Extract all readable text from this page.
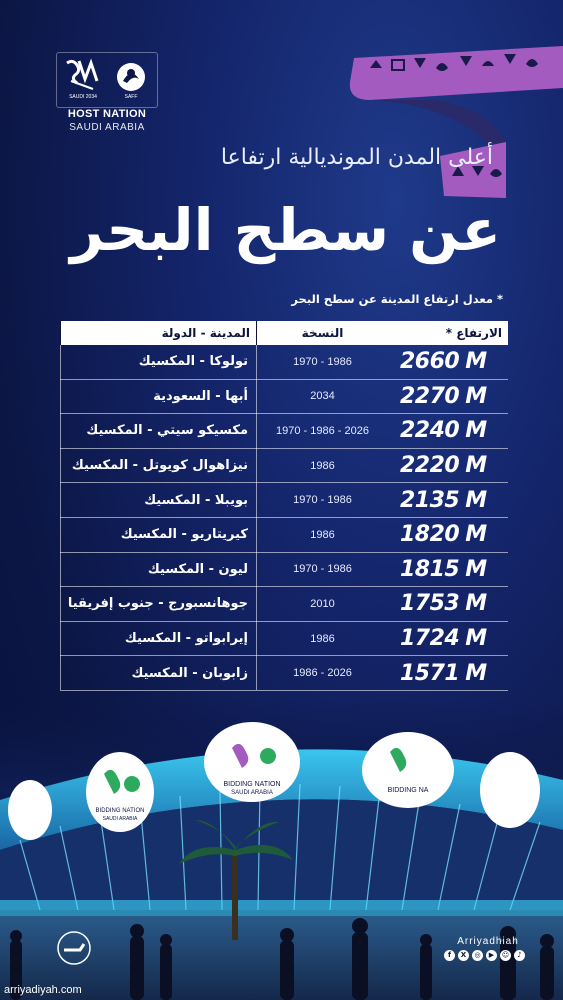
SAUDI 2034	SAFF
HOST NATION
SAUDI ARABIA
أعلى المدن المونديالية ارتفاعا
عن سطح البحر
* معدل ارتفاع المدينة عن سطح البحر
المدينة - الدولة	النسخة	الارتفاع *
تولوكا - المكسيك	1970 - 1986	2660 M
أبها - السعودية	2034	2270 M
مكسيكو سيتي - المكسيك	1970 - 1986 - 2026	2240 M
نيزاهوال كويوتل - المكسيك	1986	2220 M
بويبلا - المكسيك	1970 - 1986	2135 M
كيريتاريو - المكسيك	1986	1820 M
ليون - المكسيك	1970 - 1986	1815 M
جوهانسبورج - جنوب إفريقيا	2010	1753 M
إيرابواتو - المكسيك	1986	1724 M
زابوبان - المكسيك	1986 - 2026	1571 M
BIDDING NATION
SAUDI ARABIA
BIDDING NATION
SAUDI ARABIA	BIDDING NA
Arriyadhiah
f	X	◎	▶	☺	♪
arriyadiyah.com
